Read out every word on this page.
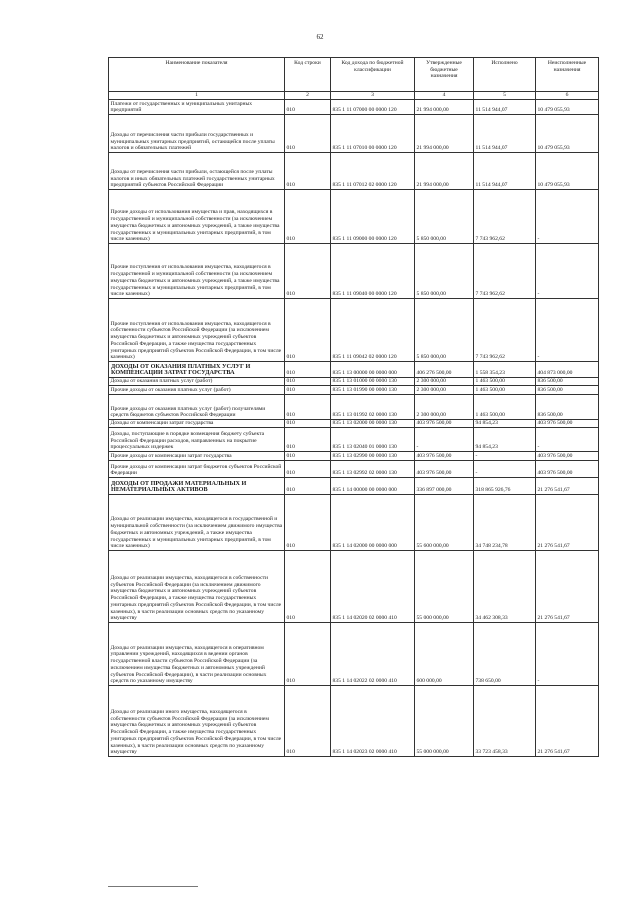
62
Наименование показателя	Код строки	Код дохода по бюджетной классификации	Утвержденные бюджетные назначения	Исполнено	Неисполненные назначения
1	2	3	4	5	6
Платежи от государственных и муниципальных унитарных предприятий	010	835 1 11 07000 00 0000 120	21 994 000,00	11 514 944,07	10 479 055,93
Доходы от перечисления части прибыли государственных и муниципальных унитарных предприятий, остающейся после уплаты налогов и обязательных платежей	010	835 1 11 07010 00 0000 120	21 994 000,00	11 514 944,07	10 479 055,93
Доходы от перечисления части прибыли, остающейся после уплаты налогов и иных обязательных платежей государственных унитарных предприятий субъектов Российской Федерации	010	835 1 11 07012 02 0000 120	21 994 000,00	11 514 944,07	10 479 055,93
Прочие доходы от использования имущества и прав, находящихся в государственной и муниципальной собственности (за исключением имущества бюджетных и автономных учреждений, а также имущества государственных и муниципальных унитарных предприятий, в том числе казенных)	010	835 1 11 09000 00 0000 120	5 850 000,00	7 743 962,62	-
Прочие поступления от использования имущества, находящегося в государственной и муниципальной собственности (за исключением имущества бюджетных и автономных учреждений, а также имущества государственных и муниципальных унитарных предприятий, в том числе казенных)	010	835 1 11 09040 00 0000 120	5 850 000,00	7 743 962,62	-
Прочие поступления от использования имущества, находящегося в собственности субъектов Российской Федерации (за исключением имущества бюджетных и автономных учреждений субъектов Российской Федерации, а также имущества государственных унитарных предприятий субъектов Российской Федерации, в том числе казенных)	010	835 1 11 09042 02 0000 120	5 850 000,00	7 743 962,62	-
ДОХОДЫ ОТ ОКАЗАНИЯ ПЛАТНЫХ УСЛУГ И КОМПЕНСАЦИИ ЗАТРАТ ГОСУДАРСТВА	010	835 1 13 00000 00 0000 000	406 276 500,00	1 558 354,23	404 873 000,00
Доходы от оказания платных услуг (работ)	010	835 1 13 01000 00 0000 130	2 300 000,00	1 463 500,00	836 500,00
Прочие доходы от оказания платных услуг (работ)	010	835 1 13 01990 00 0000 130	2 300 000,00	1 463 500,00	836 500,00
Прочие доходы от оказания платных услуг (работ) получателями средств бюджетов субъектов Российской Федерации	010	835 1 13 01992 02 0000 130	2 300 000,00	1 463 500,00	836 500,00
Доходы от компенсации затрат государства	010	835 1 13 02000 00 0000 130	403 976 500,00	94 854,23	403 976 500,00
Доходы, поступающие в порядке возмещения бюджету субъекта Российской Федерации расходов, направленных на покрытие процессуальных издержек	010	835 1 13 02040 01 0000 130	-	94 854,23	-
Прочие доходы от компенсации затрат государства	010	835 1 13 02990 00 0000 130	403 976 500,00	-	403 976 500,00
Прочие доходы от компенсации затрат бюджетов субъектов Российской Федерации	010	835 1 13 02992 02 0000 130	403 976 500,00	-	403 976 500,00
ДОХОДЫ ОТ ПРОДАЖИ МАТЕРИАЛЬНЫХ И НЕМАТЕРИАЛЬНЫХ АКТИВОВ	010	835 1 14 00000 00 0000 000	336 897 000,00	318 865 926,76	21 276 541,67
Доходы от реализации имущества, находящегося в государственной и муниципальной собственности (за исключением движимого имущества бюджетных и автономных учреждений, а также имущества государственных и муниципальных унитарных предприятий, в том числе казенных)	010	835 1 14 02000 00 0000 000	55 600 000,00	34 748 234,78	21 276 541,67
Доходы от реализации имущества, находящегося в собственности субъектов Российской Федерации (за исключением движимого имущества бюджетных и автономных учреждений субъектов Российской Федерации, а также имущества государственных унитарных предприятий субъектов Российской Федерации, в том числе казенных), в части реализации основных средств по указанному имуществу	010	835 1 14 02020 02 0000 410	55 000 000,00	34 462 308,33	21 276 541,67
Доходы от реализации имущества, находящегося в оперативном управлении учреждений, находящихся в ведении органов государственной власти субъектов Российской Федерации (за исключением имущества бюджетных и автономных учреждений субъектов Российской Федерации), в части реализации основных средств по указанному имуществу	010	835 1 14 02022 02 0000 410	600 000,00	738 650,00	-
Доходы от реализации иного имущества, находящегося в собственности субъектов Российской Федерации (за исключением имущества бюджетных и автономных учреждений субъектов Российской Федерации, а также имущества государственных унитарных предприятий субъектов Российской Федерации, в том числе казенных), в части реализации основных средств по указанному имуществу	010	835 1 14 02023 02 0000 410	55 000 000,00	33 723 458,33	21 276 541,67
